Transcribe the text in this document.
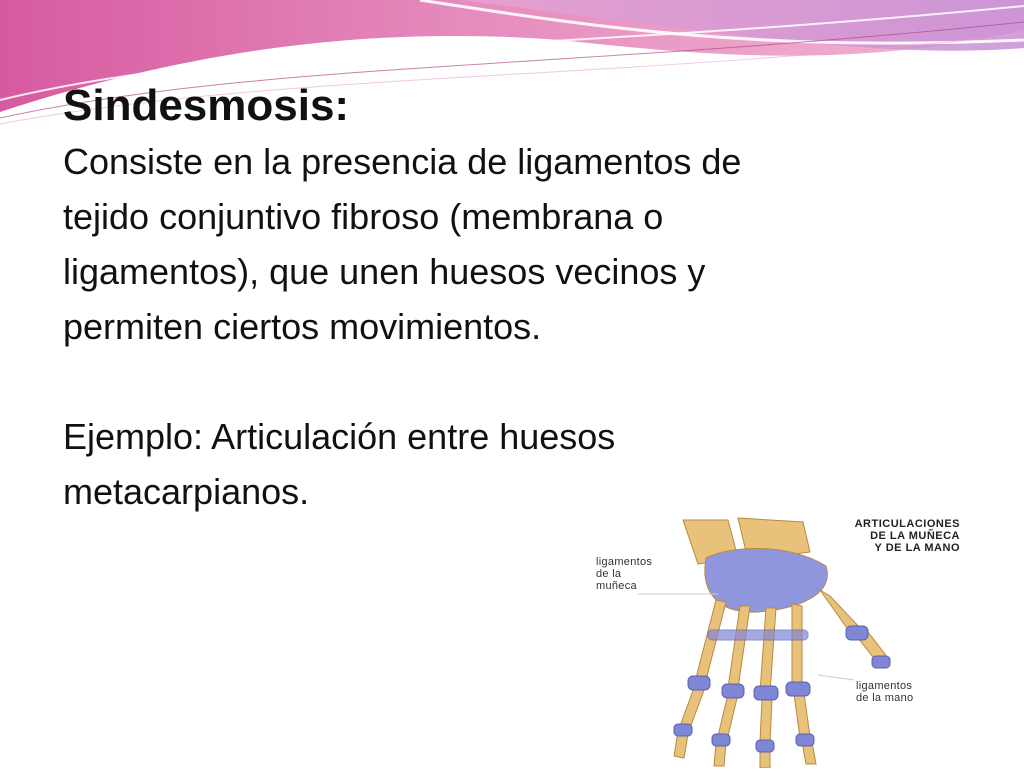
Sindesmosis:

Consiste en la presencia de ligamentos de

tejido conjuntivo fibroso (membrana o

ligamentos), que unen huesos vecinos y

permiten ciertos movimientos.

Ejemplo: Articulación entre huesos

metacarpianos.

ARTICULACIONES
DE LA MUÑECA
Y DE LA MANO
ligamentos
de la
muñeca
ligamentos
de la mano
